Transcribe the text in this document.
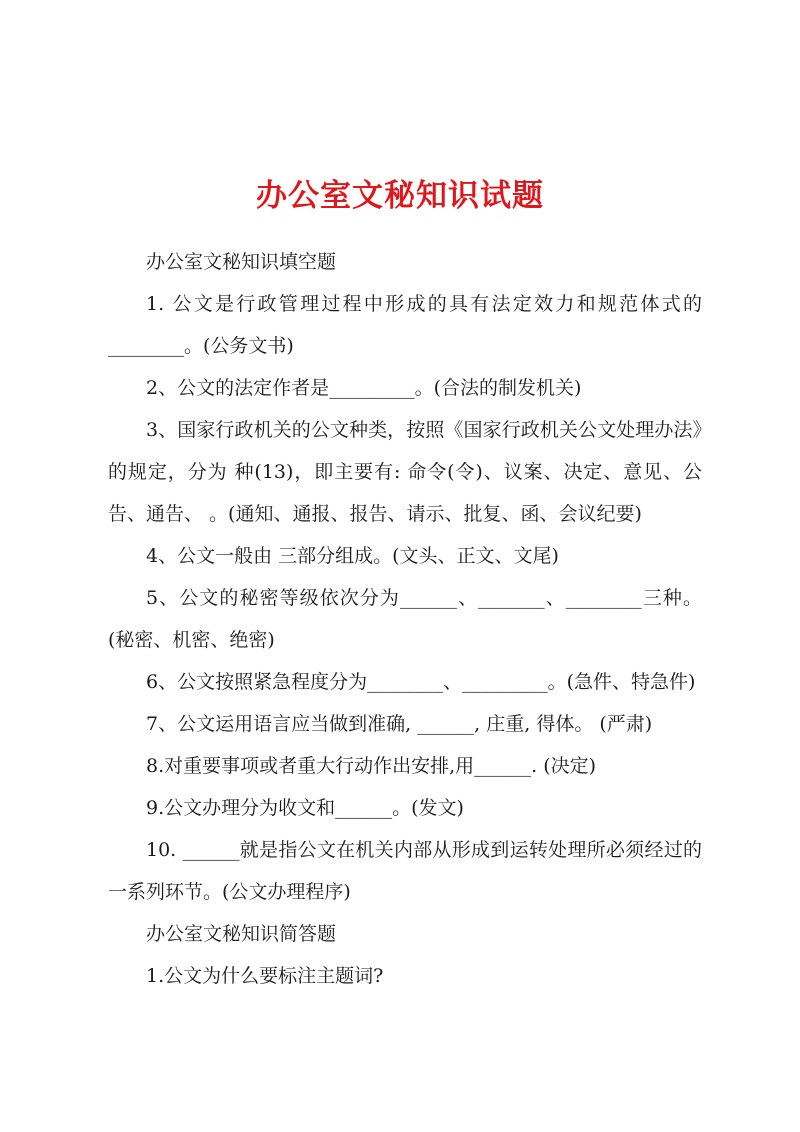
办公室文秘知识试题

办公室文秘知识填空题

1. 公文是行政管理过程中形成的具有法定效力和规范体式的________。(公务文书)

2、公文的法定作者是_________。(合法的制发机关)

3、国家行政机关的公文种类，按照《国家行政机关公文处理办法》的规定，分为 种(13)，即主要有: 命令(令)、议案、决定、意见、公告、通告、 。(通知、通报、报告、请示、批复、函、会议纪要)

4、公文一般由 三部分组成。(文头、正文、文尾)

5、公文的秘密等级依次分为______、_______、________三种。(秘密、机密、绝密)

6、公文按照紧急程度分为________、_________。(急件、特急件)

7、公文运用语言应当做到准确, ______, 庄重, 得体。 (严肃)

8.对重要事项或者重大行动作出安排,用______. (决定)

9.公文办理分为收文和______。(发文)

10. ______就是指公文在机关内部从形成到运转处理所必须经过的一系列环节。(公文办理程序)

办公室文秘知识简答题

1.公文为什么要标注主题词?
